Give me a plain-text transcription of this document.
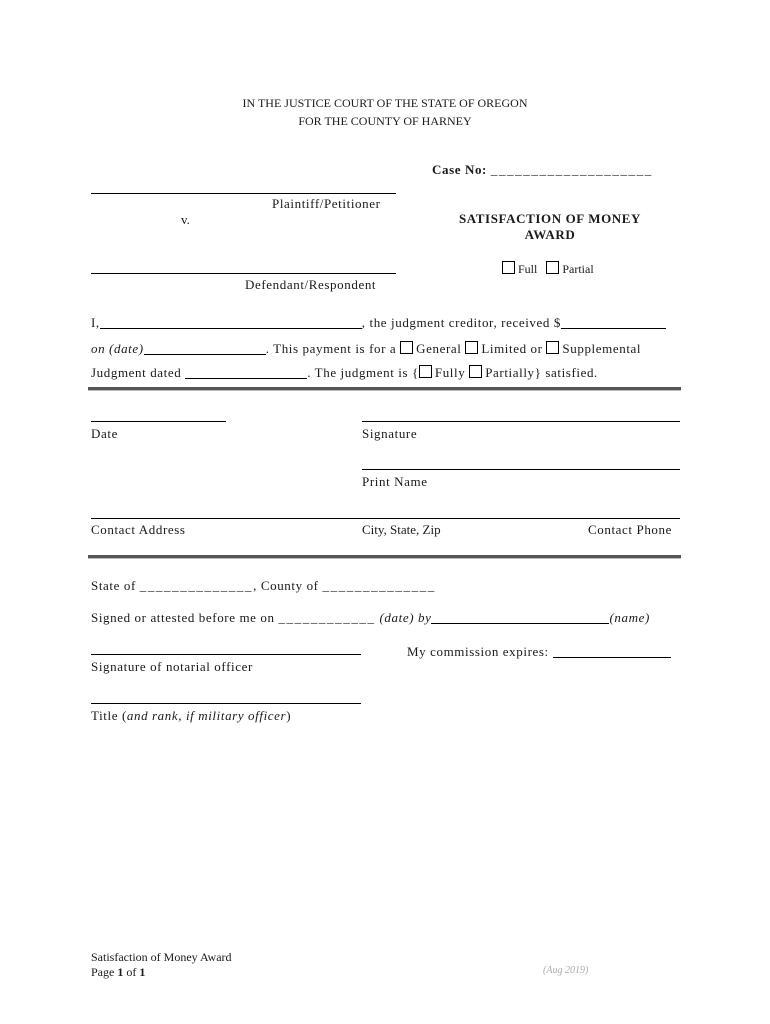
IN THE JUSTICE COURT OF THE STATE OF OREGON
FOR THE COUNTY OF HARNEY
Case No: ____________________
Plaintiff/Petitioner
v.	SATISFACTION OF MONEY
AWARD
Full Partial
Defendant/Respondent
I,	, the judgment creditor, received $
on (date)	. This payment is for a General Limited or Supplemental
Judgment dated	. The judgment is { Fully Partially} satisfied.
Date	Signature
Print Name
Contact Address	City, State, Zip	Contact Phone
State of ______________, County of ______________
Signed or attested before me on ____________ (date) by	(name)
My commission expires:
Signature of notarial officer
Title (and rank, if military officer)
Satisfaction of Money Award
Page 1 of 1	(Aug 2019)
